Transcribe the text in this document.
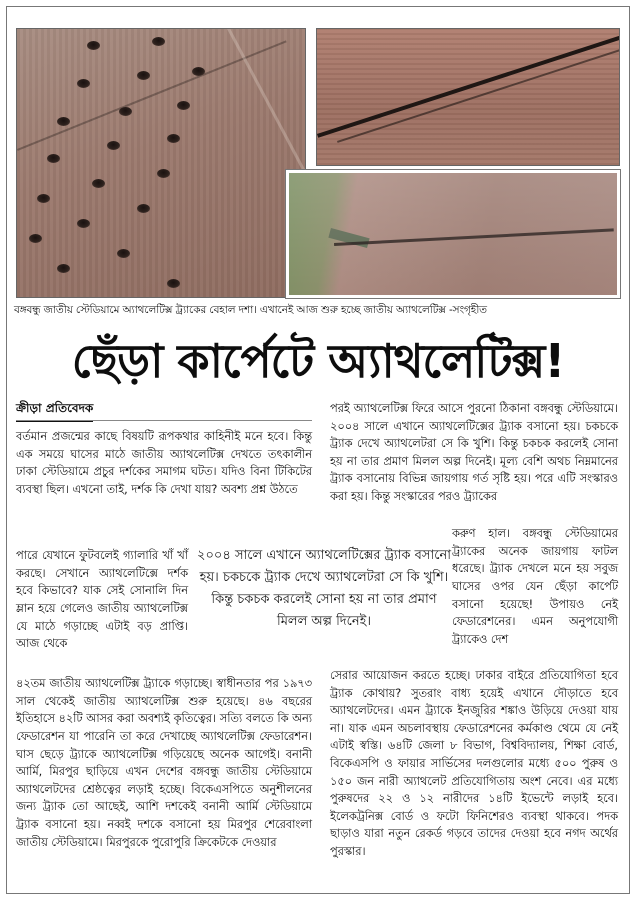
বঙ্গবন্ধু জাতীয় স্টেডিয়ামে অ্যাথলেটিক্স ট্র্যাকের বেহাল দশা। এখানেই আজ শুরু হচ্ছে জাতীয় অ্যাথলেটিক্স -সংগৃহীত
ছেঁড়া কার্পেটে অ্যাথলেটিক্স!
ক্রীড়া প্রতিবেদক

বর্তমান প্রজন্মের কাছে বিষয়টি রূপকথার কাহিনীই মনে হবে। কিন্তু এক সময়ে ঘাসের মাঠে জাতীয় অ্যাথলেটিক্স দেখতে তৎকালীন ঢাকা স্টেডিয়ামে প্রচুর দর্শকের সমাগম ঘটত। যদিও বিনা টিকিটের ব্যবস্থা ছিল। এখনো তাই, দর্শক কি দেখা যায়? অবশ্য প্রশ্ন উঠতে

পারে যেখানে ফুটবলেই গ্যালারি খাঁ খাঁ করছে। সেখানে অ্যাথলেটিক্সে দর্শক হবে কিভাবে? যাক সেই সোনালি দিন ম্লান হয়ে গেলেও জাতীয় অ্যাথলেটিক্স যে মাঠে গড়াচ্ছে এটাই বড় প্রাপ্তি। আজ থেকে

৪২তম জাতীয় অ্যাথলেটিক্স ট্র্যাকে গড়াচ্ছে। স্বাধীনতার পর ১৯৭৩ সাল থেকেই জাতীয় অ্যাথলেটিক্স শুরু হয়েছে। ৪৬ বছরের ইতিহাসে ৪২টি আসর করা অবশ্যই কৃতিত্বের। সত্যি বলতে কি অন্য ফেডারেশন যা পারেনি তা করে দেখাচ্ছে অ্যাথলেটিক্স ফেডারেশন। ঘাস ছেড়ে ট্র্যাকে অ্যাথলেটিক্স গড়িয়েছে অনেক আগেই। বনানী আর্মি, মিরপুর ছাড়িয়ে এখন দেশের বঙ্গবন্ধু জাতীয় স্টেডিয়ামে অ্যাথলেটদের শ্রেষ্ঠত্বের লড়াই হচ্ছে। বিকেএসপিতে অনুশীলনের জন্য ট্র্যাক তো আছেই, আশি দশকেই বনানী আর্মি স্টেডিয়ামে ট্র্যাক বসানো হয়। নব্বই দশকে বসানো হয় মিরপুর শেরেবাংলা জাতীয় স্টেডিয়ামে। মিরপুরকে পুরোপুরি ক্রিকেটকে দেওয়ার

পরই অ্যাথলেটিক্স ফিরে আসে পুরনো ঠিকানা বঙ্গবন্ধু স্টেডিয়ামে। ২০০৪ সালে এখানে অ্যাথলেটিক্সের ট্র্যাক বসানো হয়। চকচকে ট্র্যাক দেখে অ্যাথলেটরা সে কি খুশি। কিন্তু চকচক করলেই সোনা হয় না তার প্রমাণ মিলল অল্প দিনেই। মূল্য বেশি অথচ নিম্নমানের ট্র্যাক বসানোয় বিভিন্ন জায়গায় গর্ত সৃষ্টি হয়। পরে এটি সংস্কারও করা হয়। কিন্তু সংস্কারের পরও ট্র্যাকের

করুণ হাল। বঙ্গবন্ধু স্টেডিয়ামের ট্র্যাকের অনেক জায়গায় ফাটল ধরেছে। ট্র্যাক দেখলে মনে হয় সবুজ ঘাসের ওপর যেন ছেঁড়া কার্পেট বসানো হয়েছে! উপায়ও নেই ফেডারেশনের। এমন অনুপযোগী ট্র্যাকেও দেশ

সেরার আয়োজন করতে হচ্ছে। ঢাকার বাইরে প্রতিযোগিতা হবে ট্র্যাক কোথায়? সুতরাং বাধ্য হয়েই এখানে দৌড়াতে হবে অ্যাথলেটদের। এমন ট্র্যাকে ইনজুরির শঙ্কাও উড়িয়ে দেওয়া যায় না। যাক এমন অচলাবস্থায় ফেডারেশনের কর্মকাণ্ড থেমে যে নেই এটাই স্বস্তি। ৬৪টি জেলা ৮ বিভাগ, বিশ্ববিদ্যালয়, শিক্ষা বোর্ড, বিকেএসপি ও ফায়ার সার্ভিসের দলগুলোর মধ্যে ৫০০ পুরুষ ও ১৫০ জন নারী অ্যাথলেট প্রতিযোগিতায় অংশ নেবে। এর মধ্যে পুরুষদের ২২ ও ১২ নারীদের ১৪টি ইভেন্টে লড়াই হবে। ইলেকট্রনিক্স বোর্ড ও ফটো ফিনিশেরও ব্যবস্থা থাকবে। পদক ছাড়াও যারা নতুন রেকর্ড গড়বে তাদের দেওয়া হবে নগদ অর্থের পুরস্কার।

২০০৪ সালে এখানে অ্যাথলেটিক্সের ট্র্যাক বসানো হয়। চকচকে ট্র্যাক দেখে অ্যাথলেটরা সে কি খুশি। কিন্তু চকচক করলেই সোনা হয় না তার প্রমাণ মিলল অল্প দিনেই।
